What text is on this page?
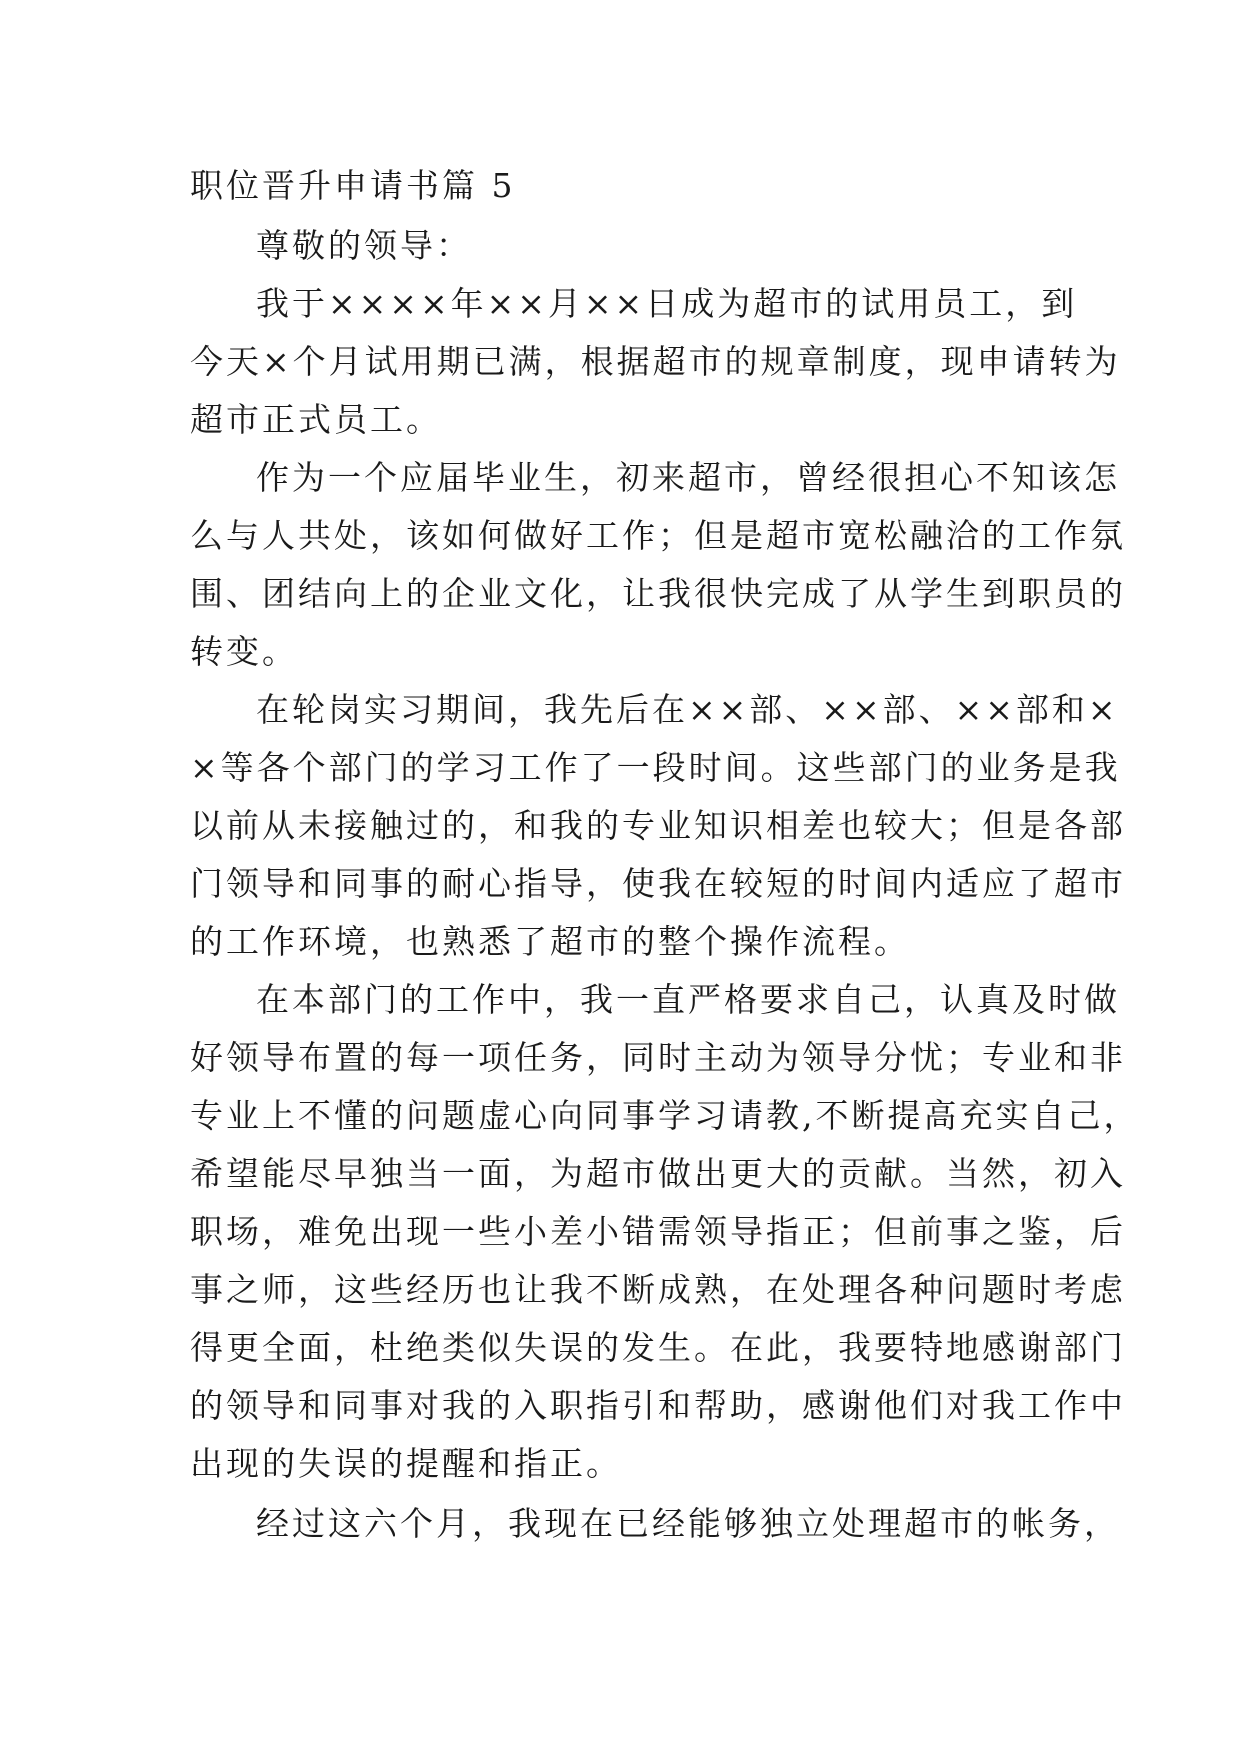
职位晋升申请书篇 5
尊敬的领导：
我于××××年××月××日成为超市的试用员工，到
今天×个月试用期已满，根据超市的规章制度，现申请转为
超市正式员工。
作为一个应届毕业生，初来超市，曾经很担心不知该怎
么与人共处，该如何做好工作；但是超市宽松融洽的工作氛
围、团结向上的企业文化，让我很快完成了从学生到职员的
转变。
在轮岗实习期间，我先后在××部、××部、××部和×
×等各个部门的学习工作了一段时间。这些部门的业务是我
以前从未接触过的，和我的专业知识相差也较大；但是各部
门领导和同事的耐心指导，使我在较短的时间内适应了超市
的工作环境，也熟悉了超市的整个操作流程。
在本部门的工作中，我一直严格要求自己，认真及时做
好领导布置的每一项任务，同时主动为领导分忧；专业和非
专业上不懂的问题虚心向同事学习请教,不断提高充实自己，
希望能尽早独当一面，为超市做出更大的贡献。当然，初入
职场，难免出现一些小差小错需领导指正；但前事之鉴，后
事之师，这些经历也让我不断成熟，在处理各种问题时考虑
得更全面，杜绝类似失误的发生。在此，我要特地感谢部门
的领导和同事对我的入职指引和帮助，感谢他们对我工作中
出现的失误的提醒和指正。
经过这六个月，我现在已经能够独立处理超市的帐务，
